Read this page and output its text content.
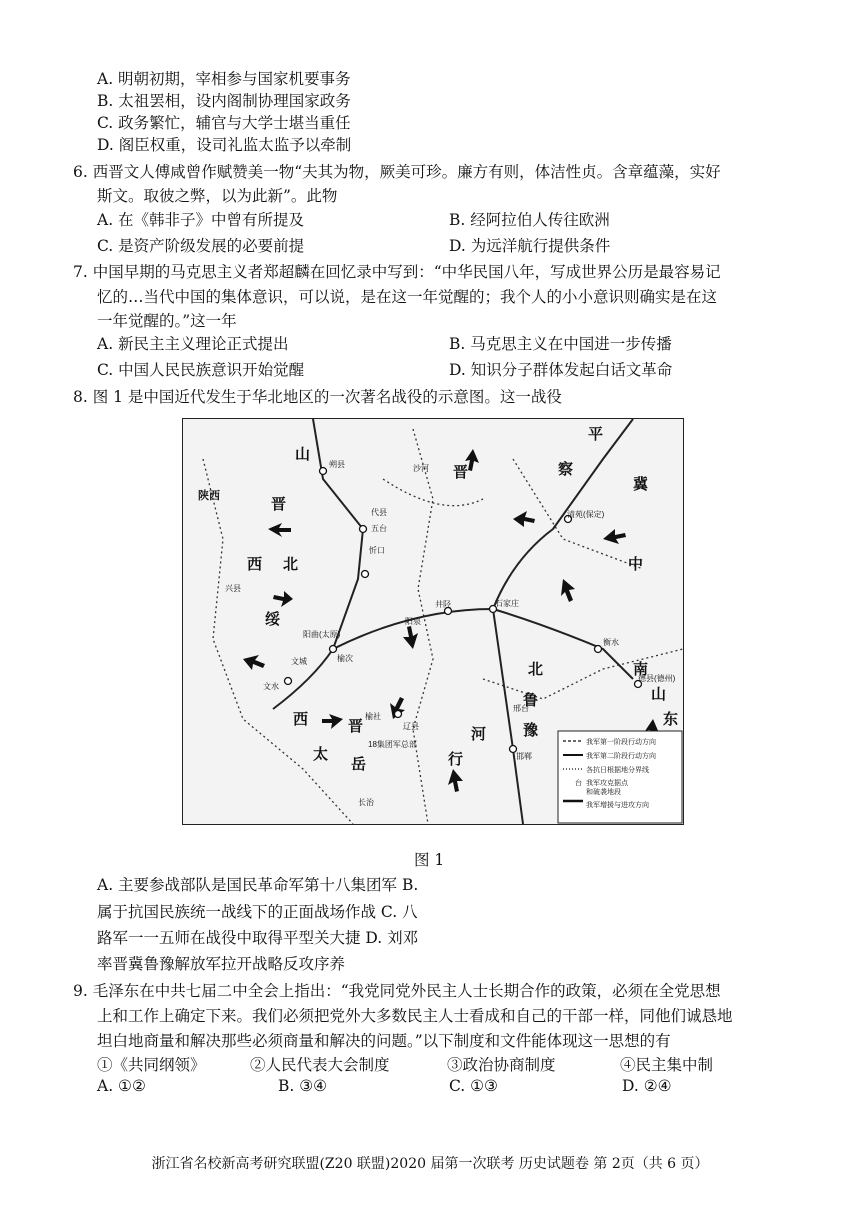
A. 明朝初期，宰相参与国家机要事务
B. 太祖罢相，设内阁制协理国家政务
C. 政务繁忙，辅官与大学士堪当重任
D. 阁臣权重，设司礼监太监予以牵制
6. 西晋文人傅咸曾作赋赞美一物“夫其为物，厥美可珍。廉方有则，体洁性贞。含章蕴藻，实好
斯文。取彼之弊，以为此新”。此物
A. 在《韩非子》中曾有所提及	B. 经阿拉伯人传往欧洲
C. 是资产阶级发展的必要前提	D. 为远洋航行提供条件
7. 中国早期的马克思主义者郑超麟在回忆录中写到：“中华民国八年，写成世界公历是最容易记
忆的…当代中国的集体意识，可以说，是在这一年觉醒的；我个人的小小意识则确实是在这
一年觉醒的。”这一年
A. 新民主主义理论正式提出	B. 马克思主义在中国进一步传播
C. 中国人民民族意识开始觉醒	D. 知识分子群体发起白话文革命
8. 图 1 是中国近代发生于华北地区的一次著名战役的示意图。这一战役
晋
西 北
绥
察
冀
中
南
山
东
太
岳	行
河
鲁
豫
西	晋
陕西
晋
山
平
北
朔县	沙河
五台
忻口
兴县
阳曲(太原)
榆次
文水
文城
井陉	石家庄
阳泉
辽县
榆社
18集团军总部
邢台
邯郸
衡水
德县(德州)
清苑(保定)
长治
代县
台
我军第一阶段行动方向
我军第二阶段行动方向
各抗日根据地分界线
我军攻克据点
和破袭地段
我军增援与进攻方向
图 1
A. 主要参战部队是国民革命军第十八集团军 B.
属于抗国民族统一战线下的正面战场作战 C. 八
路军一一五师在战役中取得平型关大捷 D. 刘邓
率晋冀鲁豫解放军拉开战略反攻序养
9. 毛泽东在中共七届二中全会上指出：“我党同党外民主人士长期合作的政策，必须在全党思想
上和工作上确定下来。我们必须把党外大多数民主人士看成和自己的干部一样，同他们诚恳地
坦白地商量和解决那些必须商量和解决的问题。”以下制度和文件能体现这一思想的有
①《共同纲领》	②人民代表大会制度	③政治协商制度	④民主集中制
A. ①②	B. ③④	C. ①③	D. ②④
浙江省名校新高考研究联盟(Z20 联盟)2020 届第一次联考 历史试题卷 第 2页（共 6 页）
